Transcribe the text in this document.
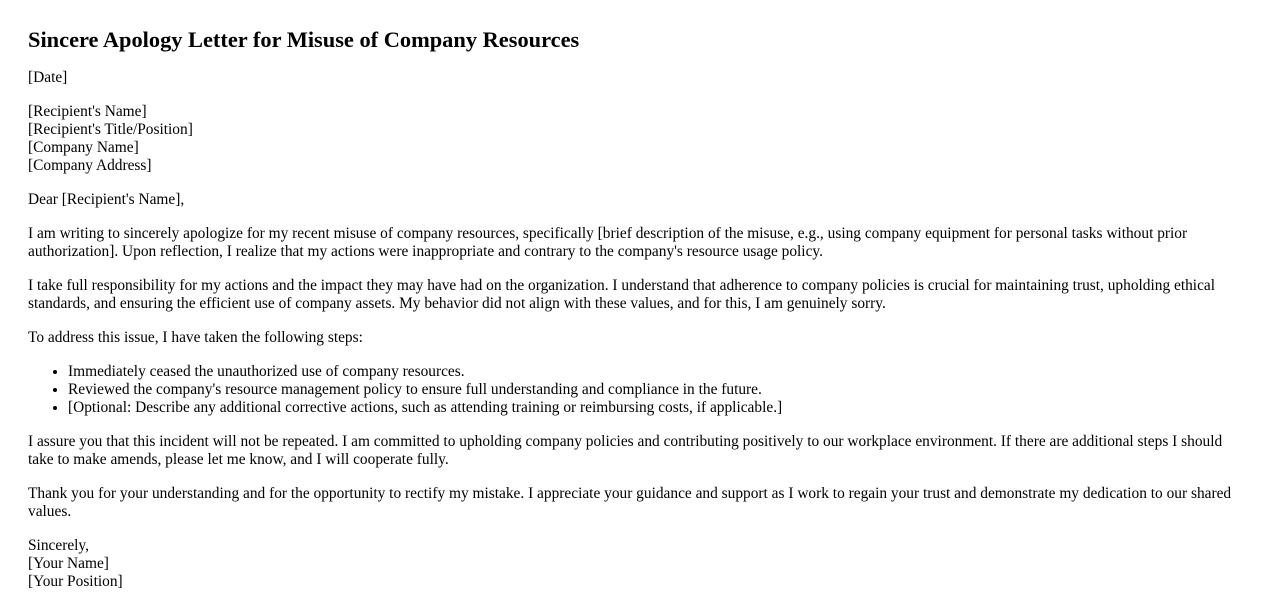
Sincere Apology Letter for Misuse of Company Resources

[Date]

[Recipient's Name]
[Recipient's Title/Position]
[Company Name]
[Company Address]

Dear [Recipient's Name],

I am writing to sincerely apologize for my recent misuse of company resources, specifically [brief description of the misuse, e.g., using company equipment for personal tasks without prior authorization]. Upon reflection, I realize that my actions were inappropriate and contrary to the company's resource usage policy.

I take full responsibility for my actions and the impact they may have had on the organization. I understand that adherence to company policies is crucial for maintaining trust, upholding ethical standards, and ensuring the efficient use of company assets. My behavior did not align with these values, and for this, I am genuinely sorry.

To address this issue, I have taken the following steps:

• Immediately ceased the unauthorized use of company resources.
• Reviewed the company's resource management policy to ensure full understanding and compliance in the future.
• [Optional: Describe any additional corrective actions, such as attending training or reimbursing costs, if applicable.]

I assure you that this incident will not be repeated. I am committed to upholding company policies and contributing positively to our workplace environment. If there are additional steps I should take to make amends, please let me know, and I will cooperate fully.

Thank you for your understanding and for the opportunity to rectify my mistake. I appreciate your guidance and support as I work to regain your trust and demonstrate my dedication to our shared values.

Sincerely,
[Your Name]
[Your Position]
